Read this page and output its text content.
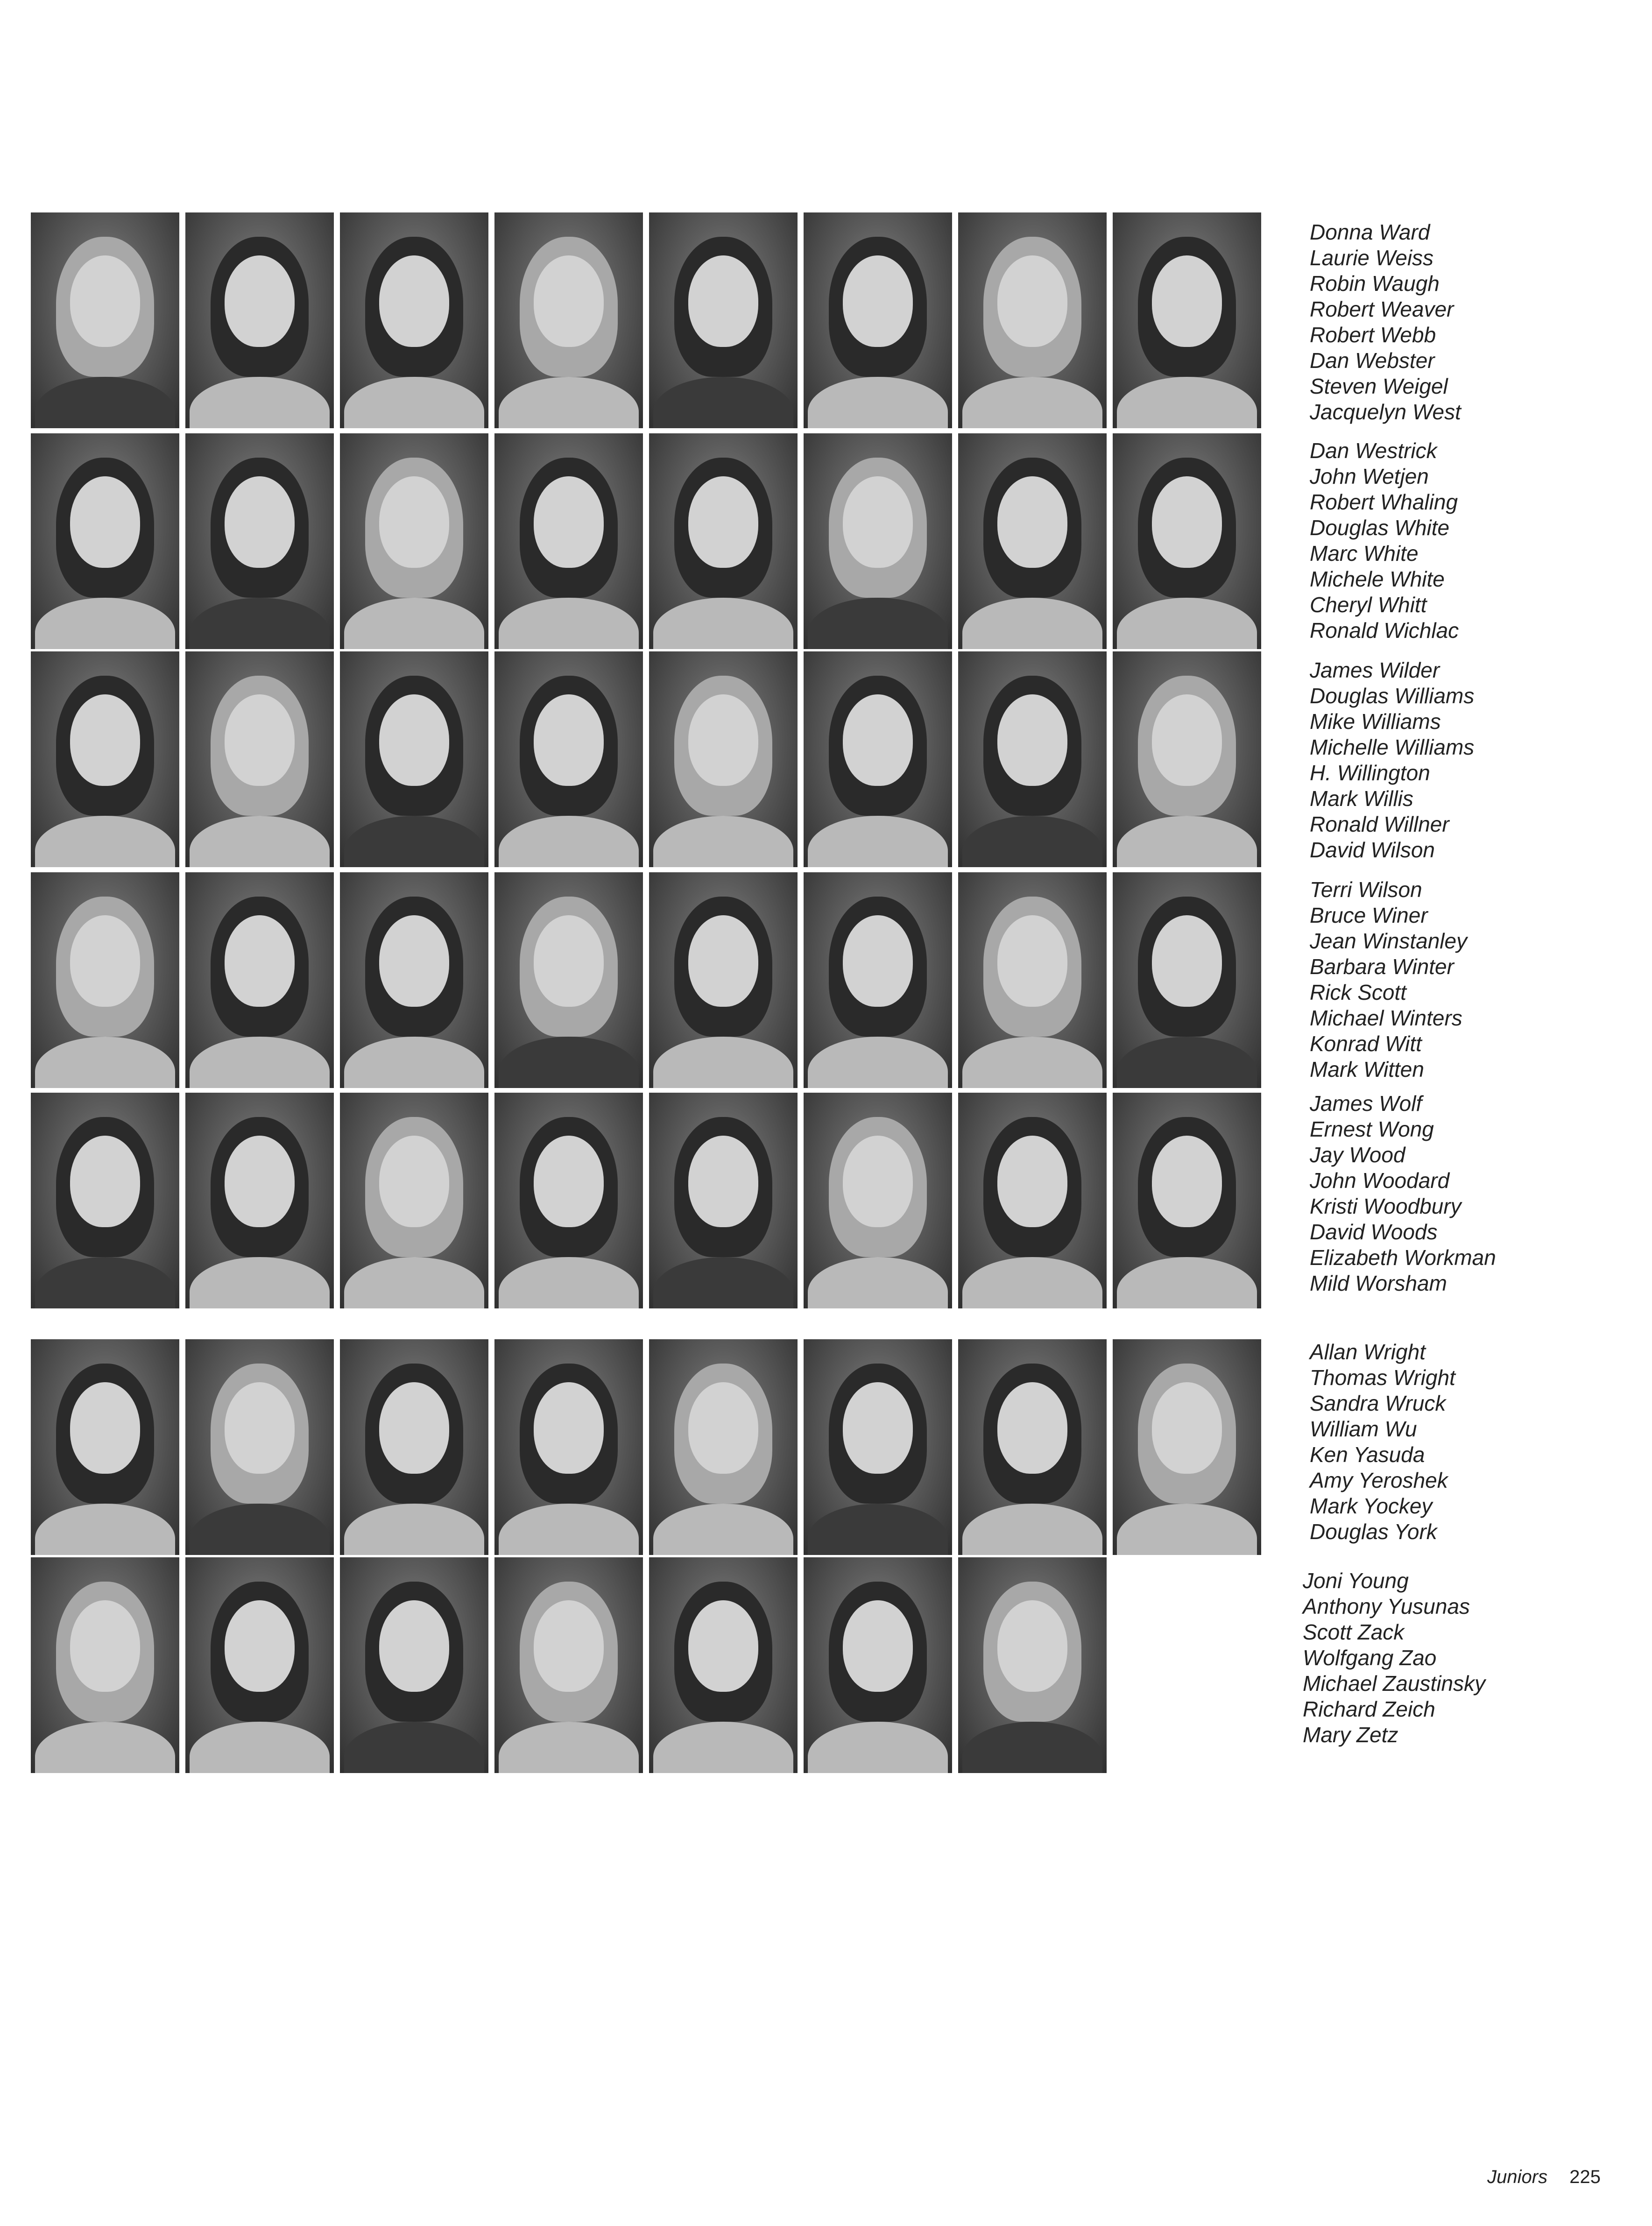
Donna Ward
Laurie Weiss
Robin Waugh
Robert Weaver
Robert Webb
Dan Webster
Steven Weigel
Jacquelyn West
Dan Westrick
John Wetjen
Robert Whaling
Douglas White
Marc White
Michele White
Cheryl Whitt
Ronald Wichlac
James Wilder
Douglas Williams
Mike Williams
Michelle Williams
H. Willington
Mark Willis
Ronald Willner
David Wilson
Terri Wilson
Bruce Winer
Jean Winstanley
Barbara Winter
Rick Scott
Michael Winters
Konrad Witt
Mark Witten
James Wolf
Ernest Wong
Jay Wood
John Woodard
Kristi Woodbury
David Woods
Elizabeth Workman
Mild Worsham
Allan Wright
Thomas Wright
Sandra Wruck
William Wu
Ken Yasuda
Amy Yeroshek
Mark Yockey
Douglas York
Joni Young
Anthony Yusunas
Scott Zack
Wolfgang Zao
Michael Zaustinsky
Richard Zeich
Mary Zetz
Juniors 225
